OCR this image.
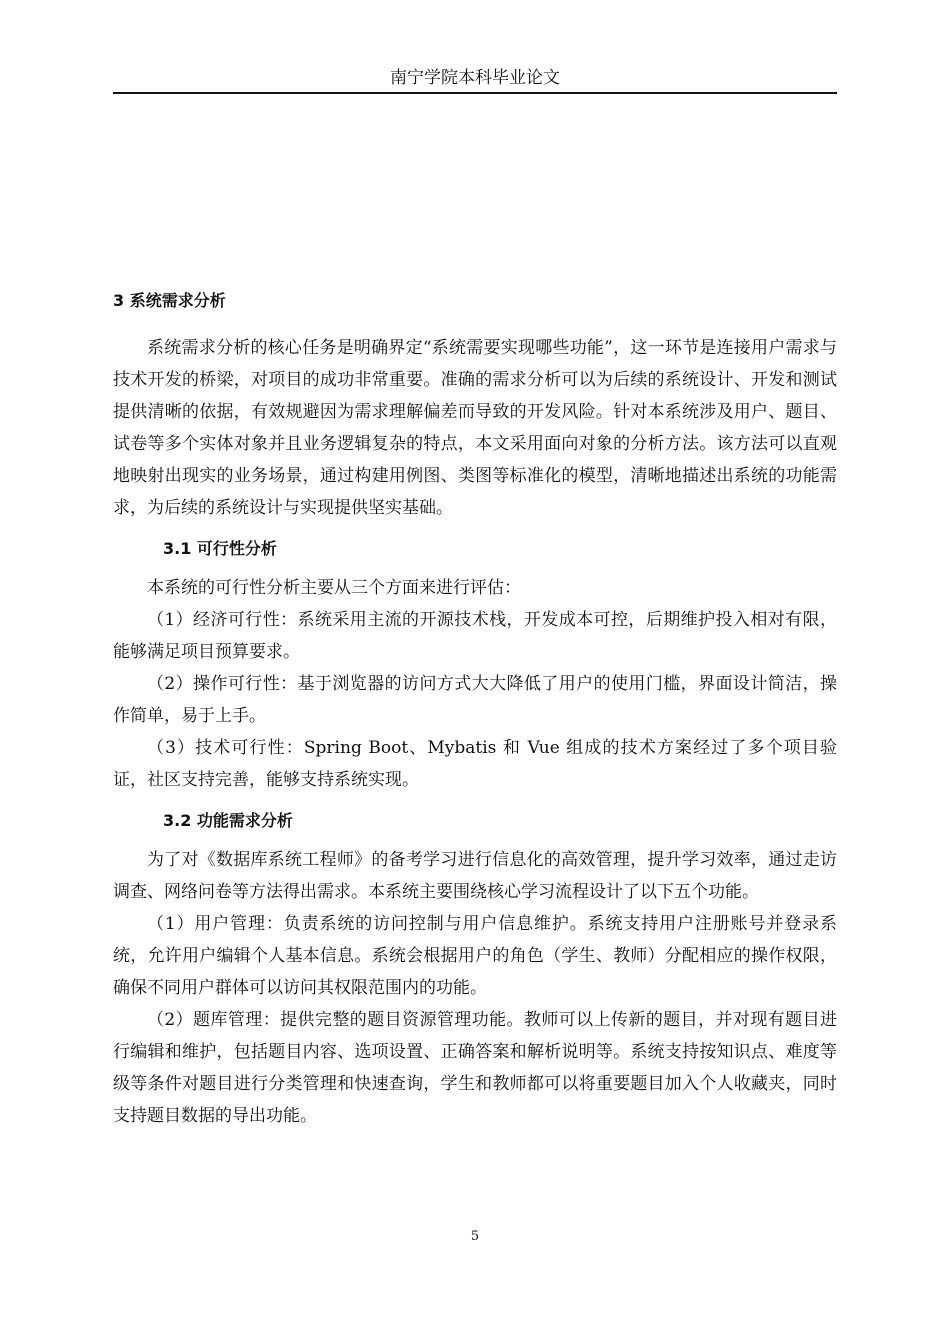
南宁学院本科毕业论文
3 系统需求分析

系统需求分析的核心任务是明确界定“系统需要实现哪些功能”，这一环节是连接用户需求与技术开发的桥梁，对项目的成功非常重要。准确的需求分析可以为后续的系统设计、开发和测试提供清晰的依据，有效规避因为需求理解偏差而导致的开发风险。针对本系统涉及用户、题目、试卷等多个实体对象并且业务逻辑复杂的特点，本文采用面向对象的分析方法。该方法可以直观地映射出现实的业务场景，通过构建用例图、类图等标准化的模型，清晰地描述出系统的功能需求，为后续的系统设计与实现提供坚实基础。

3.1 可行性分析

本系统的可行性分析主要从三个方面来进行评估：

（1）经济可行性：系统采用主流的开源技术栈，开发成本可控，后期维护投入相对有限，能够满足项目预算要求。

（2）操作可行性：基于浏览器的访问方式大大降低了用户的使用门槛，界面设计简洁，操作简单，易于上手。

（3）技术可行性：Spring Boot、Mybatis 和 Vue 组成的技术方案经过了多个项目验证，社区支持完善，能够支持系统实现。

3.2 功能需求分析

为了对《数据库系统工程师》的备考学习进行信息化的高效管理，提升学习效率，通过走访调查、网络问卷等方法得出需求。本系统主要围绕核心学习流程设计了以下五个功能。

（1）用户管理：负责系统的访问控制与用户信息维护。系统支持用户注册账号并登录系统，允许用户编辑个人基本信息。系统会根据用户的角色（学生、教师）分配相应的操作权限，确保不同用户群体可以访问其权限范围内的功能。

（2）题库管理：提供完整的题目资源管理功能。教师可以上传新的题目，并对现有题目进行编辑和维护，包括题目内容、选项设置、正确答案和解析说明等。系统支持按知识点、难度等级等条件对题目进行分类管理和快速查询，学生和教师都可以将重要题目加入个人收藏夹，同时支持题目数据的导出功能。

5
